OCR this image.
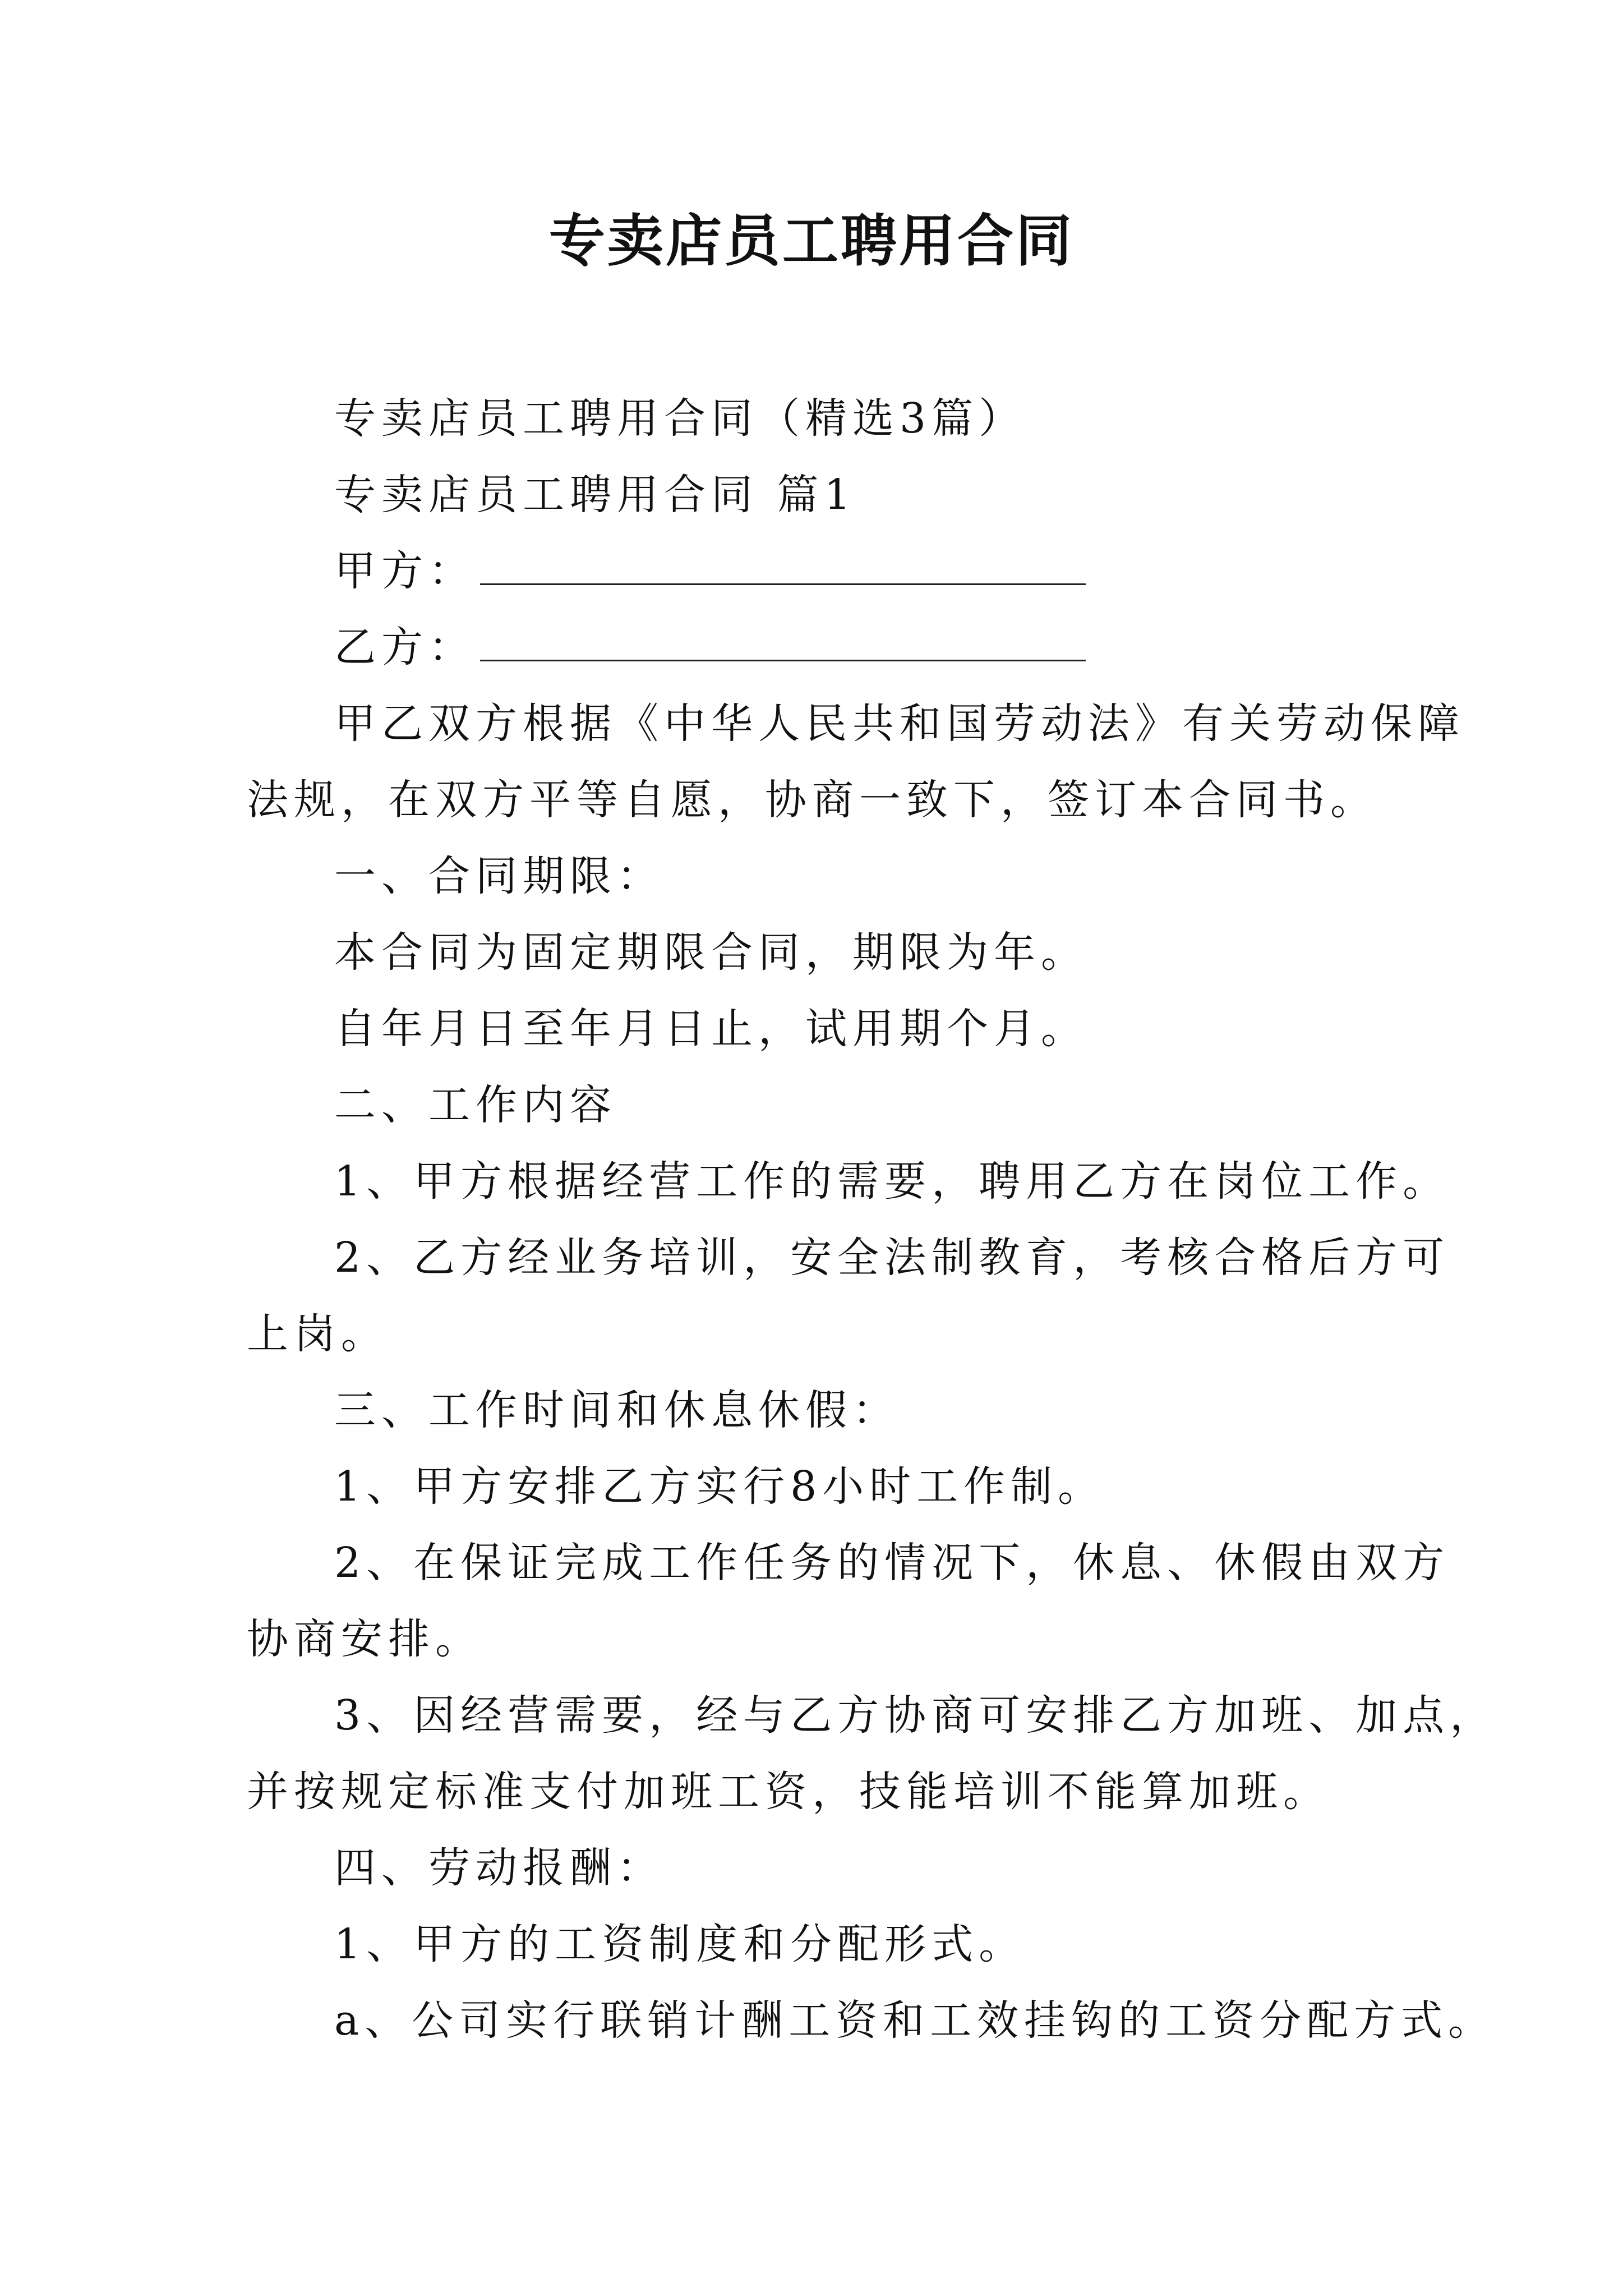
专卖店员工聘用合同

专卖店员工聘用合同（精选3篇）

专卖店员工聘用合同 篇1

甲方：

乙方：

甲乙双方根据《中华人民共和国劳动法》有关劳动保障

法规，在双方平等自愿，协商一致下，签订本合同书。

一、合同期限：

本合同为固定期限合同，期限为年。

自年月日至年月日止，试用期个月。

二、工作内容

1、甲方根据经营工作的需要，聘用乙方在岗位工作。

2、乙方经业务培训，安全法制教育，考核合格后方可

上岗。

三、工作时间和休息休假：

1、甲方安排乙方实行8小时工作制。

2、在保证完成工作任务的情况下，休息、休假由双方

协商安排。

3、因经营需要，经与乙方协商可安排乙方加班、加点，

并按规定标准支付加班工资，技能培训不能算加班。

四、劳动报酬：

1、甲方的工资制度和分配形式。

a、公司实行联销计酬工资和工效挂钩的工资分配方式。
